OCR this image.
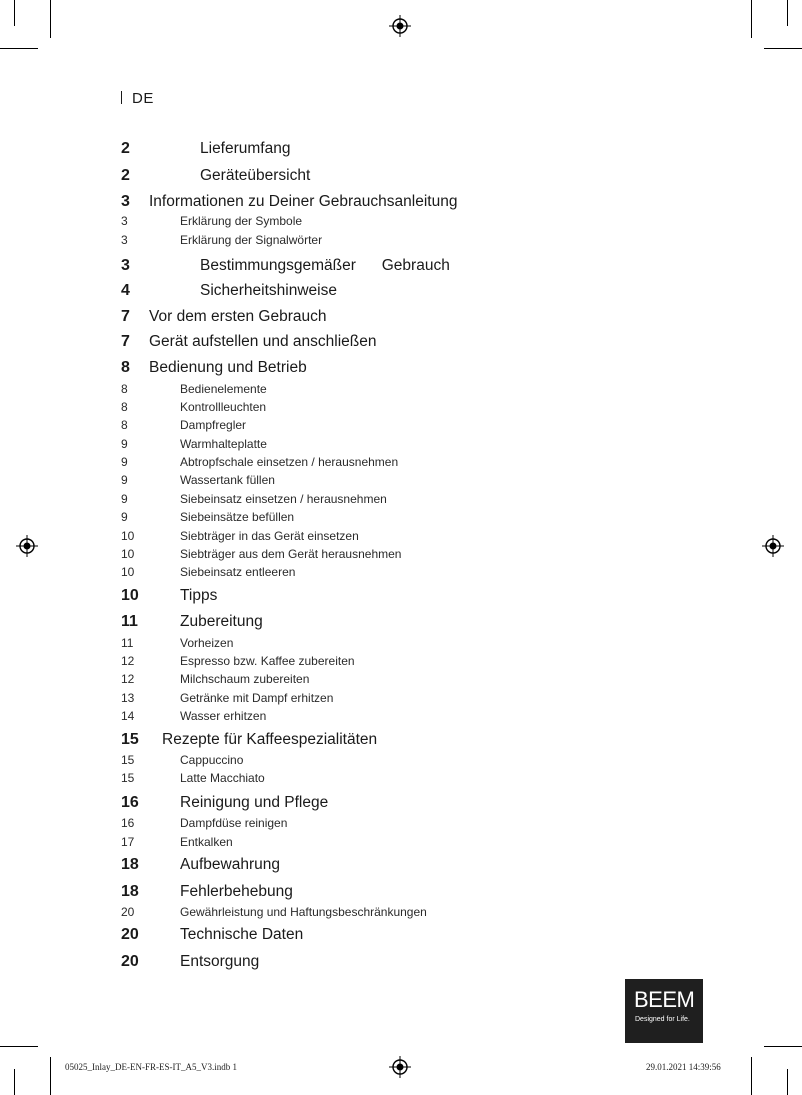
DE
2	Lieferumfang
2	Geräteübersicht
3 Informationen zu Deiner Gebrauchsanleitung
3	Erklärung der Symbole
3	Erklärung der Signalwörter
3	Bestimmungsgemäßer      Gebrauch
4	Sicherheitshinweise
7 Vor dem ersten Gebrauch
7 Gerät aufstellen und anschließen
8 Bedienung und Betrieb
8	Bedienelemente
8	Kontrollleuchten
8	Dampfregler
9	Warmhalteplatte
9	Abtropfschale einsetzen / herausnehmen
9	Wassertank füllen
9	Siebeinsatz einsetzen / herausnehmen
9	Siebeinsätze befüllen
10	Siebträger in das Gerät einsetzen
10	Siebträger aus dem Gerät herausnehmen
10	Siebeinsatz entleeren
10	Tipps
11	Zubereitung
11	Vorheizen
12	Espresso bzw. Kaffee zubereiten
12	Milchschaum zubereiten
13	Getränke mit Dampf erhitzen
14	Wasser erhitzen
15 Rezepte für Kaffeespezialitäten
15	Cappuccino
15	Latte Macchiato
16	Reinigung und Pflege
16	Dampfdüse reinigen
17	Entkalken
18	Aufbewahrung
18	Fehlerbehebung
20	Gewährleistung und Haftungsbeschränkungen
20	Technische Daten
20	Entsorgung
BEEM
Designed for Life.
05025_Inlay_DE-EN-FR-ES-IT_A5_V3.indb 1	29.01.2021 14:39:56
